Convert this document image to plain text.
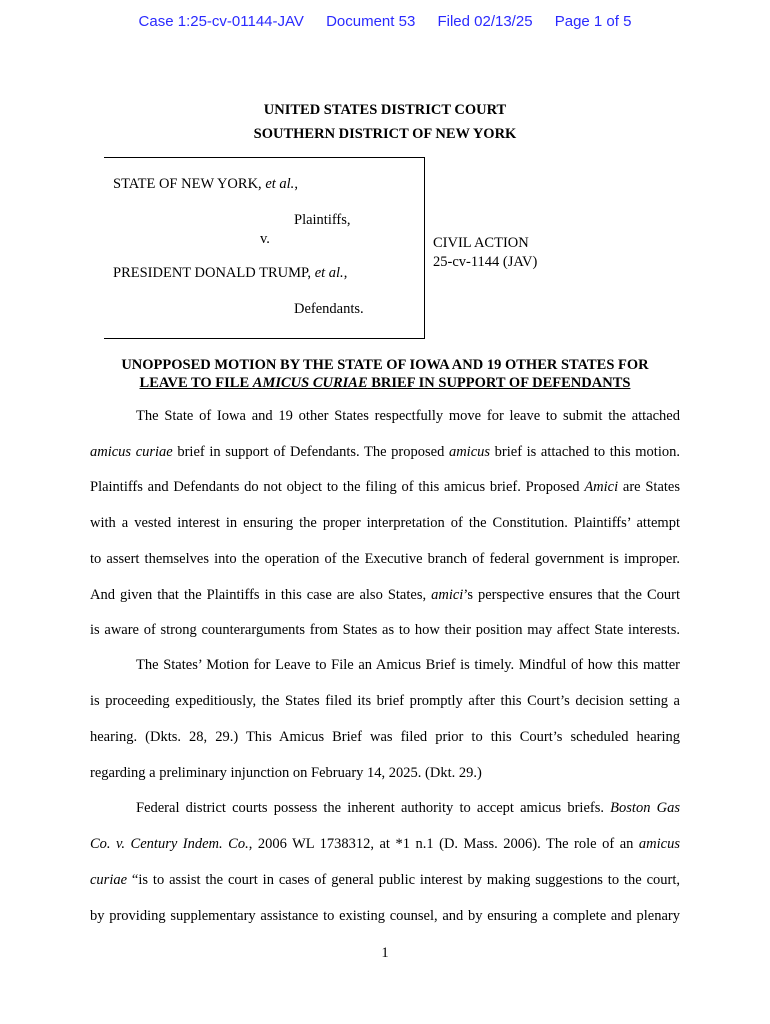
Case 1:25-cv-01144-JAV Document 53 Filed 02/13/25 Page 1 of 5
UNITED STATES DISTRICT COURT
SOUTHERN DISTRICT OF NEW YORK
STATE OF NEW YORK, et al.,
Plaintiffs,
v.
PRESIDENT DONALD TRUMP, et al.,
Defendants.
CIVIL ACTION
25-cv-1144 (JAV)
UNOPPOSED MOTION BY THE STATE OF IOWA AND 19 OTHER STATES FOR
LEAVE TO FILE AMICUS CURIAE BRIEF IN SUPPORT OF DEFENDANTS
The State of Iowa and 19 other States respectfully move for leave to submit the attached
amicus curiae brief in support of Defendants. The proposed amicus brief is attached to this motion.
Plaintiffs and Defendants do not object to the filing of this amicus brief. Proposed Amici are States
with a vested interest in ensuring the proper interpretation of the Constitution. Plaintiffs’ attempt
to assert themselves into the operation of the Executive branch of federal government is improper.
And given that the Plaintiffs in this case are also States, amici’s perspective ensures that the Court
is aware of strong counterarguments from States as to how their position may affect State interests.
The States’ Motion for Leave to File an Amicus Brief is timely. Mindful of how this matter
is proceeding expeditiously, the States filed its brief promptly after this Court’s decision setting a
hearing. (Dkts. 28, 29.) This Amicus Brief was filed prior to this Court’s scheduled hearing
regarding a preliminary injunction on February 14, 2025. (Dkt. 29.)
Federal district courts possess the inherent authority to accept amicus briefs. Boston Gas
Co. v. Century Indem. Co., 2006 WL 1738312, at *1 n.1 (D. Mass. 2006). The role of an amicus
curiae “is to assist the court in cases of general public interest by making suggestions to the court,
by providing supplementary assistance to existing counsel, and by ensuring a complete and plenary
1
